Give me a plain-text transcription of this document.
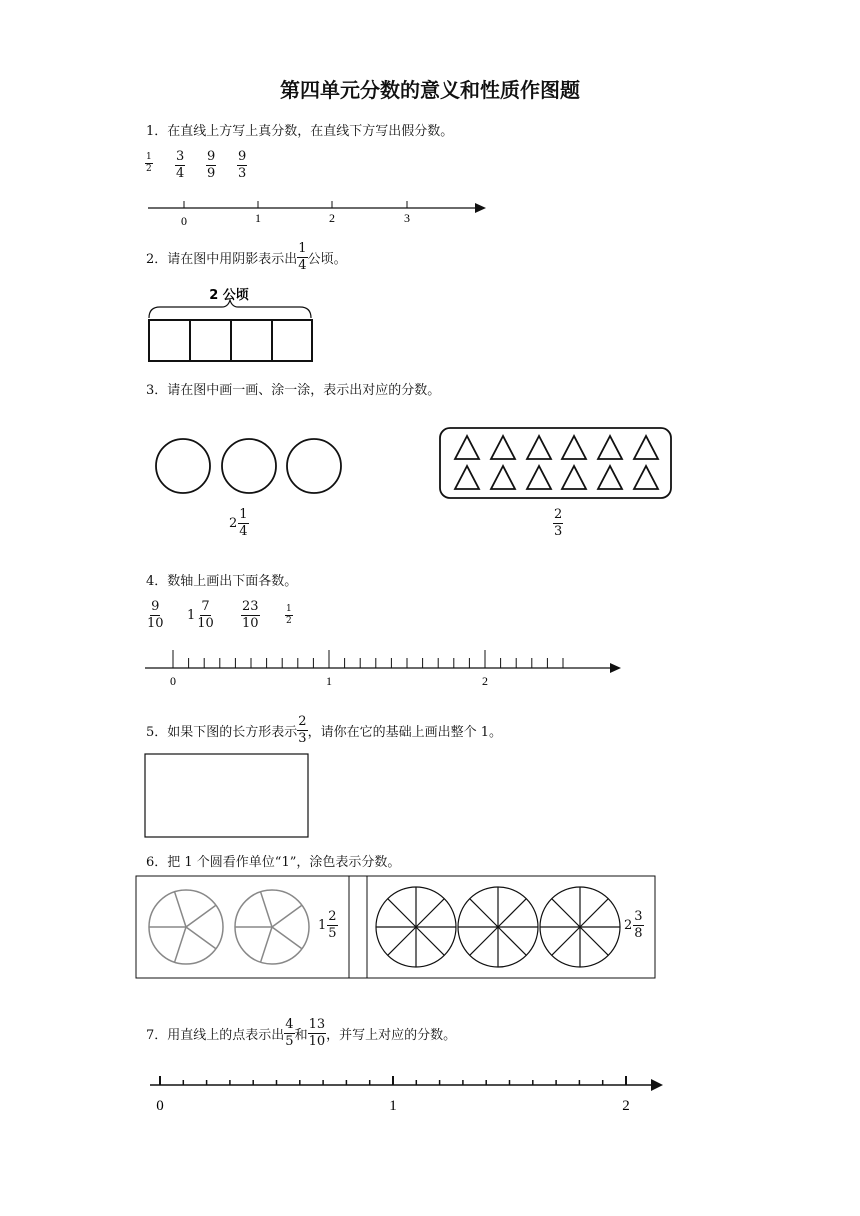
第四单元分数的意义和性质作图题
1．在直线上方写上真分数，在直线下方写出假分数。
$\frac{1}{2} \frac{3}{4} \frac{9}{9} \frac{9}{3}$
0	1	2	3
2 公顷
0	1	2
0	1	2
2．请在图中用阴影表示出 $\frac{1}{4}$ 公顷。
3．请在图中画一画、涂一涂，表示出对应的分数。
$2 \frac{1}{4}$	$\frac{2}{3}$
4．数轴上画出下面各数。
$\frac{9}{10} 1 \frac{7}{10} \frac{23}{10}$	$\frac{1}{2}$
5．如果下图的长方形表示 $\frac{2}{3}$ ，请你在它的基础上画出整个 1。
6．把 1 个圆看作单位“1”，涂色表示分数。
$1 \frac{2}{5}$	$2 \frac{3}{8}$
7．用直线上的点表示出 $\frac{4}{5}$ 和 $\frac{13}{10}$ ，并写上对应的分数。
